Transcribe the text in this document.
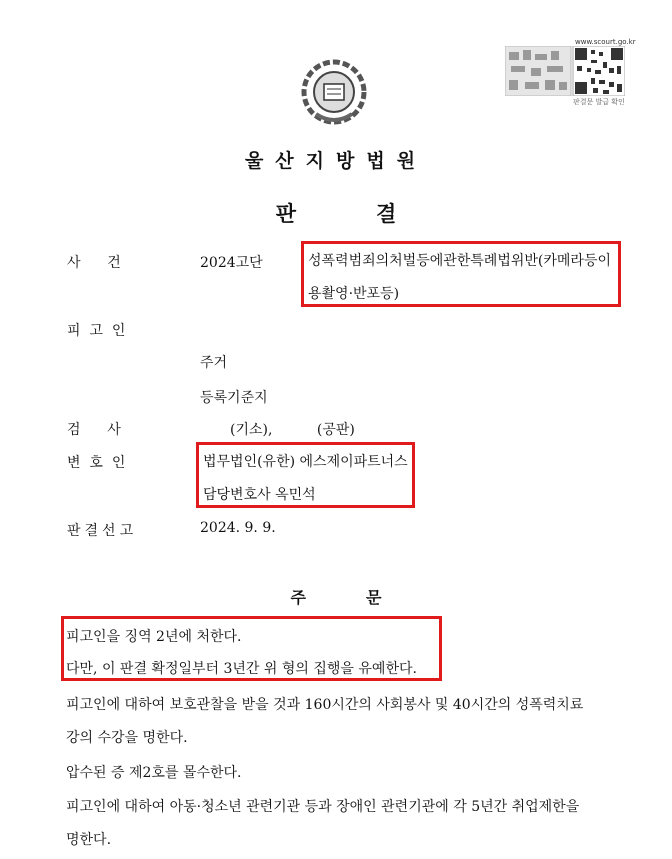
www.scourt.go.kr
판결문 발급 확인
울산지방법원
판	결
사      건	2024고단	성폭력범죄의처벌등에관한특례법위반(카메라등이
용촬영·반포등)
피  고  인
주거
등록기준지
검      사	(기소),          (공판)
변  호  인	법무법인(유한) 에스제이파트너스
담당변호사 옥민석
판결선고	2024. 9. 9.
주	문
피고인을 징역 2년에 처한다.
다만, 이 판결 확정일부터 3년간 위 형의 집행을 유예한다.
피고인에 대하여 보호관찰을 받을 것과 160시간의 사회봉사 및 40시간의 성폭력치료
강의 수강을 명한다.
압수된 증 제2호를 몰수한다.
피고인에 대하여 아동·청소년 관련기관 등과 장애인 관련기관에 각 5년간 취업제한을
명한다.
